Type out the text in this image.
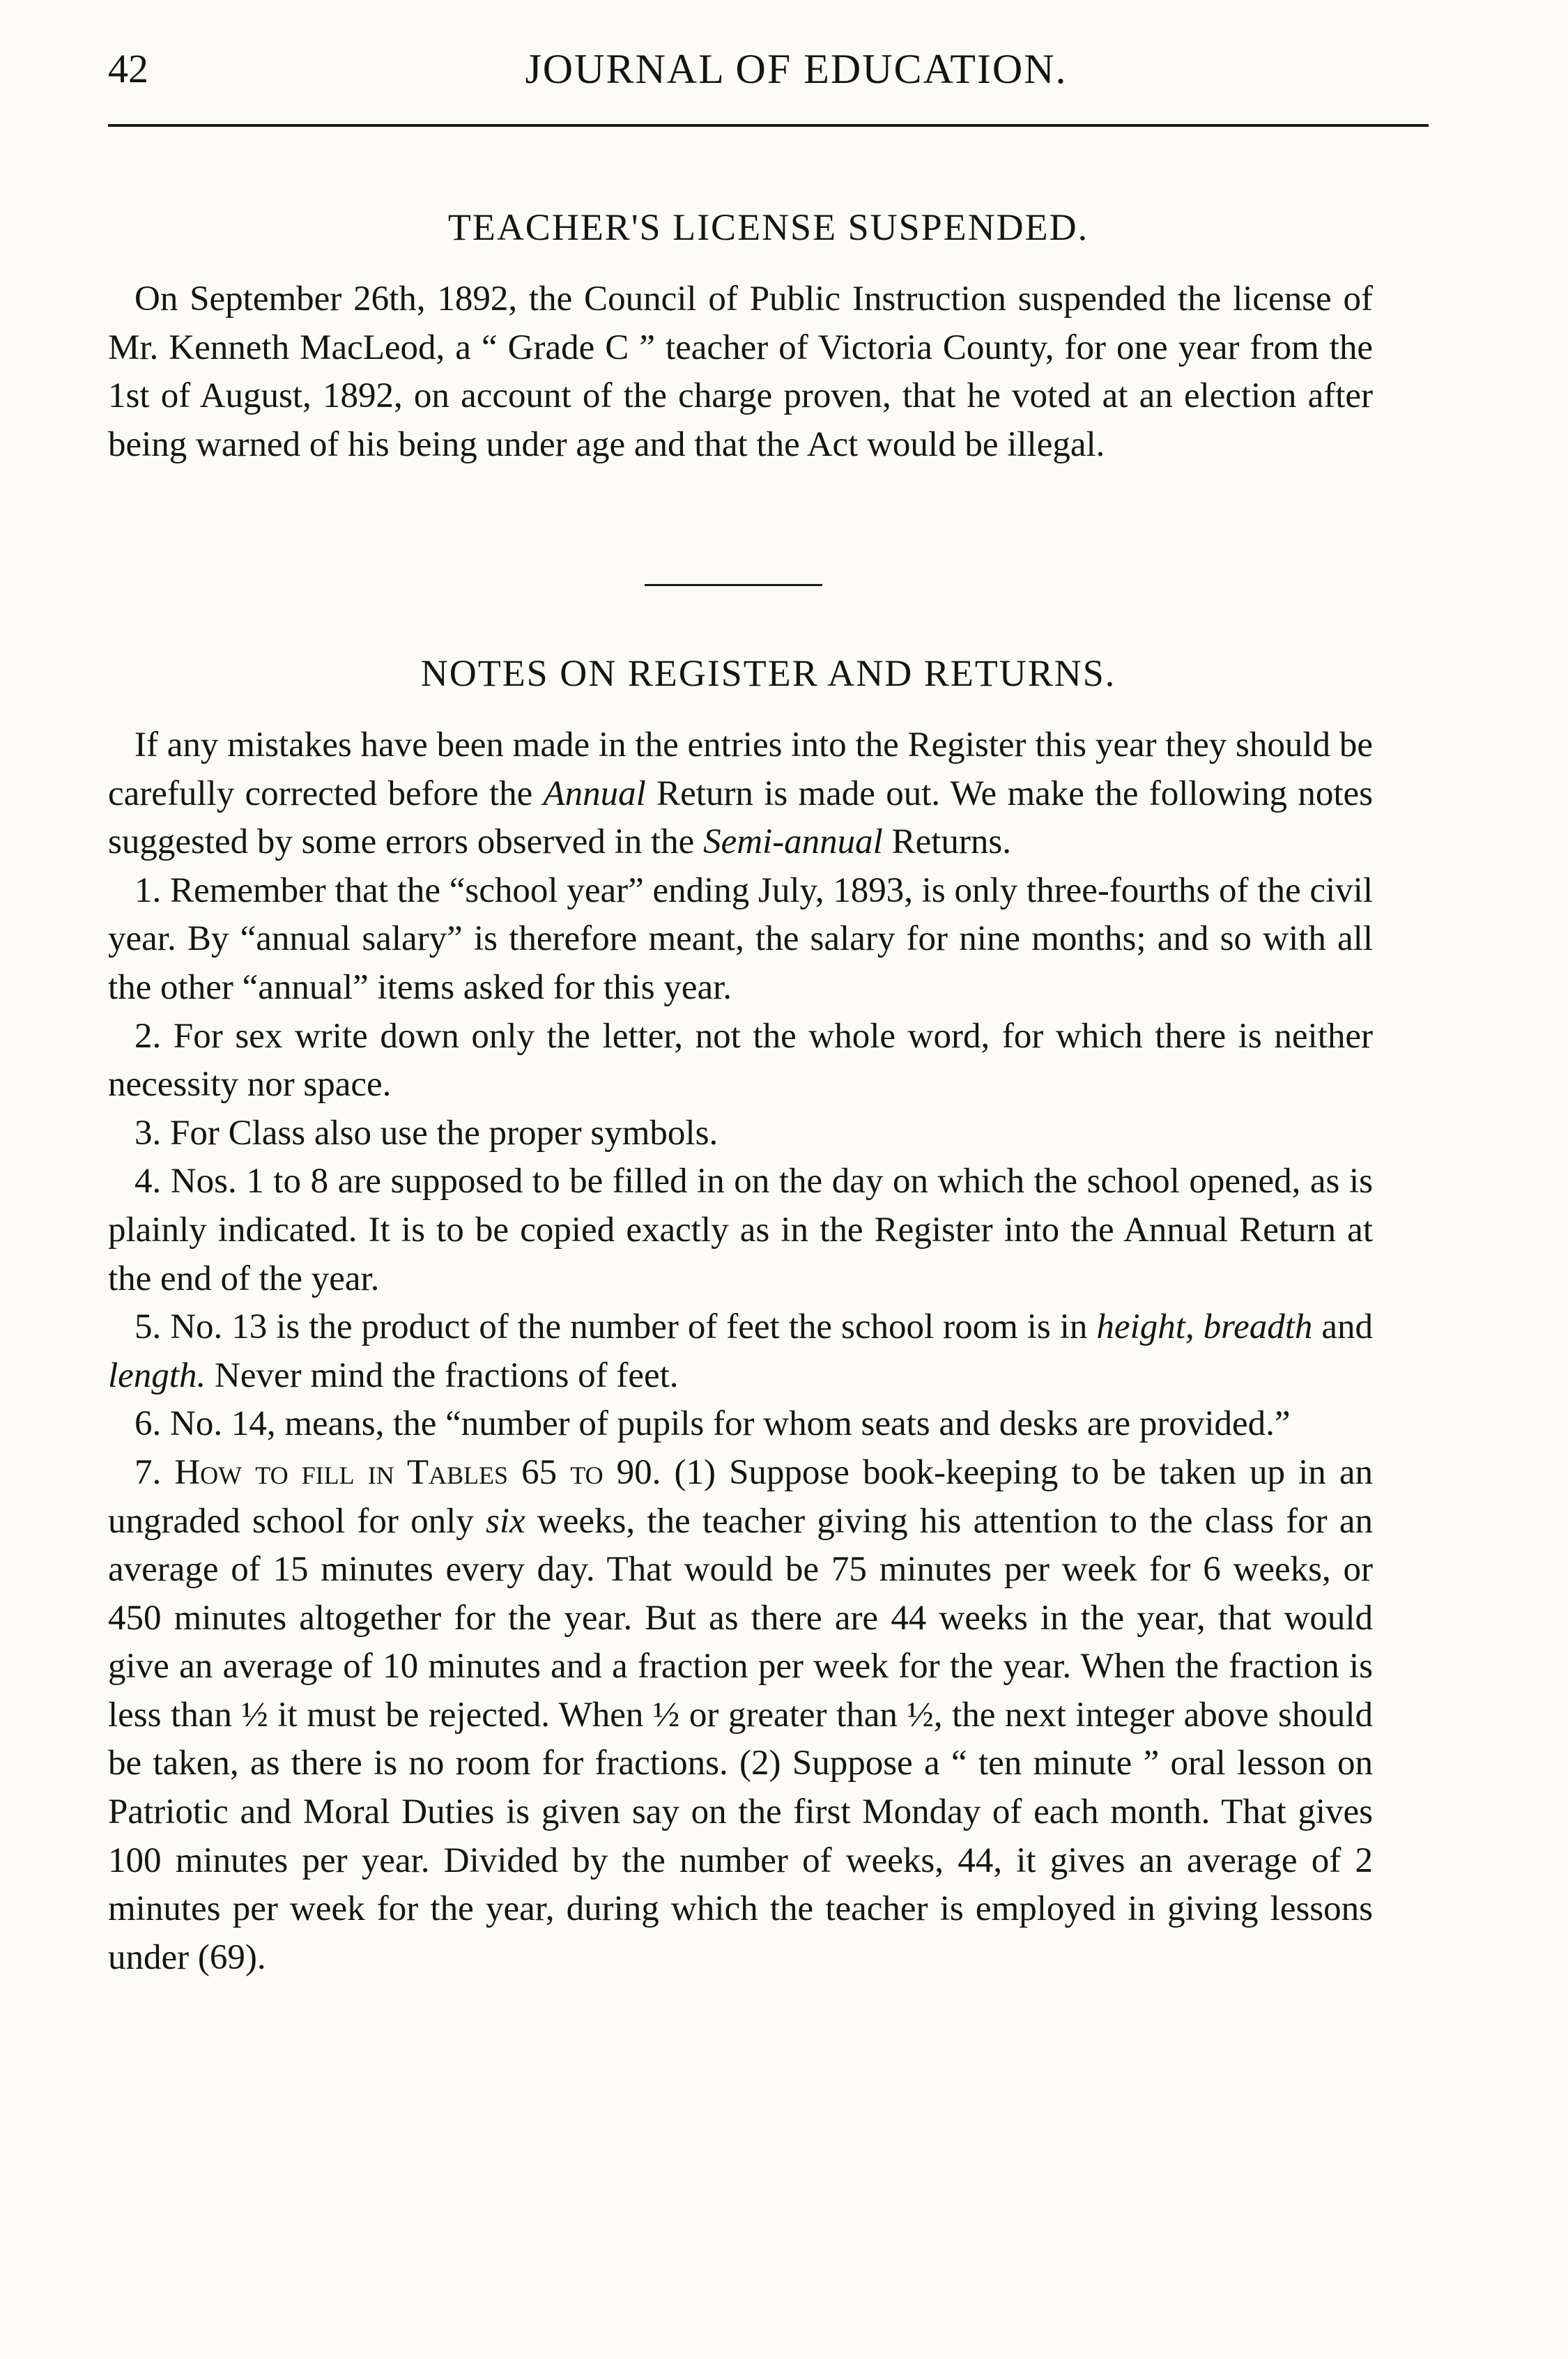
42	JOURNAL OF EDUCATION.
TEACHER'S LICENSE SUSPENDED.

On September 26th, 1892, the Council of Public Instruction suspended the license of Mr. Kenneth MacLeod, a “ Grade C ” teacher of Victoria County, for one year from the 1st of August, 1892, on account of the charge proven, that he voted at an election after being warned of his being under age and that the Act would be illegal.

NOTES ON REGISTER AND RETURNS.

If any mistakes have been made in the entries into the Register this year they should be carefully corrected before the Annual Return is made out. We make the following notes suggested by some errors observed in the Semi-annual Returns.

1. Remember that the “school year” ending July, 1893, is only three-fourths of the civil year. By “annual salary” is therefore meant, the salary for nine months; and so with all the other “annual” items asked for this year.

2. For sex write down only the letter, not the whole word, for which there is neither necessity nor space.

3. For Class also use the proper symbols.

4. Nos. 1 to 8 are supposed to be filled in on the day on which the school opened, as is plainly indicated. It is to be copied exactly as in the Register into the Annual Return at the end of the year.

5. No. 13 is the product of the number of feet the school room is in height, breadth and length. Never mind the fractions of feet.

6. No. 14, means, the “number of pupils for whom seats and desks are provided.”

7. How to fill in Tables 65 to 90. (1) Suppose book-keeping to be taken up in an ungraded school for only six weeks, the teacher giving his attention to the class for an average of 15 minutes every day. That would be 75 minutes per week for 6 weeks, or 450 minutes altogether for the year. But as there are 44 weeks in the year, that would give an average of 10 minutes and a fraction per week for the year. When the fraction is less than ½ it must be rejected. When ½ or greater than ½, the next integer above should be taken, as there is no room for fractions. (2) Suppose a “ ten minute ” oral lesson on Patriotic and Moral Duties is given say on the first Monday of each month. That gives 100 minutes per year. Divided by the number of weeks, 44, it gives an average of 2 minutes per week for the year, during which the teacher is employed in giving lessons under (69).
